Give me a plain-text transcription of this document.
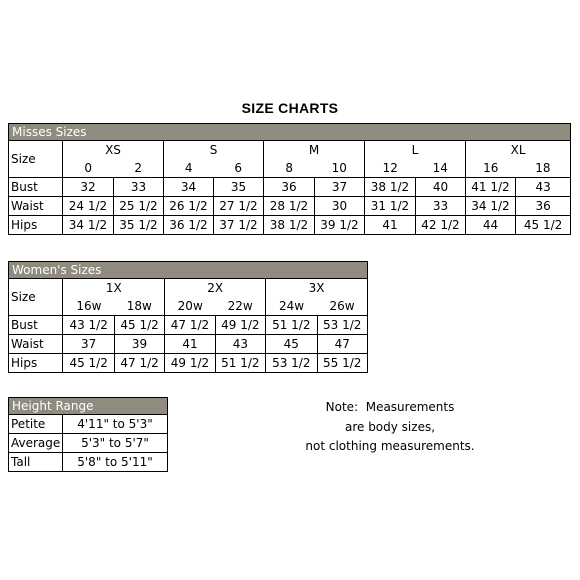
SIZE CHARTS
Misses Sizes										
Size	XS		S		M		L		XL	
	0	2	4	6	8	10	12	14	16	18
Bust	32	33	34	35	36	37	38 1/2	40	41 1/2	43
Waist	24 1/2	25 1/2	26 1/2	27 1/2	28 1/2	30	31 1/2	33	34 1/2	36
Hips	34 1/2	35 1/2	36 1/2	37 1/2	38 1/2	39 1/2	41	42 1/2	44	45 1/2
Women's Sizes						
Size	1X		2X		3X	
	16w	18w	20w	22w	24w	26w
Bust	43 1/2	45 1/2	47 1/2	49 1/2	51 1/2	53 1/2
Waist	37	39	41	43	45	47
Hips	45 1/2	47 1/2	49 1/2	51 1/2	53 1/2	55 1/2
Height Range	
Petite	4'11" to 5'3"
Average	5'3" to 5'7"
Tall	5'8" to 5'11"
Note:  Measurements
are body sizes,
not clothing measurements.
